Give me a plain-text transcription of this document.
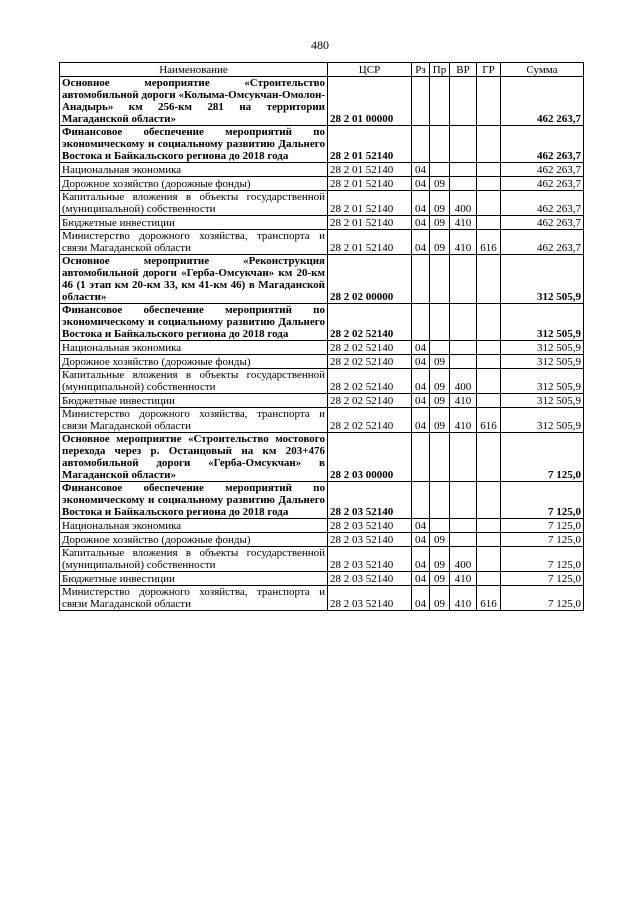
480
Наименование	ЦСР	Рз	Пр	ВР	ГР	Сумма
Основное мероприятие «Строительство автомобильной дороги «Колыма-Омсукчан-Омолон-Анадырь» км 256-км 281 на территории Магаданской области»	28 2 01 00000					462 263,7
Финансовое обеспечение мероприятий по экономическому и социальному развитию Дальнего Востока и Байкальского региона до 2018 года	28 2 01 52140					462 263,7
Национальная экономика	28 2 01 52140	04				462 263,7
Дорожное хозяйство (дорожные фонды)	28 2 01 52140	04	09			462 263,7
Капитальные вложения в объекты государственной (муниципальной) собственности	28 2 01 52140	04	09	400		462 263,7
Бюджетные инвестиции	28 2 01 52140	04	09	410		462 263,7
Министерство дорожного хозяйства, транспорта и связи Магаданской области	28 2 01 52140	04	09	410	616	462 263,7
Основное мероприятие «Реконструкция автомобильной дороги «Герба-Омсукчан» км 20-км 46 (1 этап км 20-км 33, км 41-км 46) в Магаданской области»	28 2 02 00000					312 505,9
Финансовое обеспечение мероприятий по экономическому и социальному развитию Дальнего Востока и Байкальского региона до 2018 года	28 2 02 52140					312 505,9
Национальная экономика	28 2 02 52140	04				312 505,9
Дорожное хозяйство (дорожные фонды)	28 2 02 52140	04	09			312 505,9
Капитальные вложения в объекты государственной (муниципальной) собственности	28 2 02 52140	04	09	400		312 505,9
Бюджетные инвестиции	28 2 02 52140	04	09	410		312 505,9
Министерство дорожного хозяйства, транспорта и связи Магаданской области	28 2 02 52140	04	09	410	616	312 505,9
Основное мероприятие «Строительство мостового перехода через р. Останцовый на км 203+476 автомобильной дороги «Герба-Омсукчан» в Магаданской области»	28 2 03 00000					7 125,0
Финансовое обеспечение мероприятий по экономическому и социальному развитию Дальнего Востока и Байкальского региона до 2018 года	28 2 03 52140					7 125,0
Национальная экономика	28 2 03 52140	04				7 125,0
Дорожное хозяйство (дорожные фонды)	28 2 03 52140	04	09			7 125,0
Капитальные вложения в объекты государственной (муниципальной) собственности	28 2 03 52140	04	09	400		7 125,0
Бюджетные инвестиции	28 2 03 52140	04	09	410		7 125,0
Министерство дорожного хозяйства, транспорта и связи Магаданской области	28 2 03 52140	04	09	410	616	7 125,0
